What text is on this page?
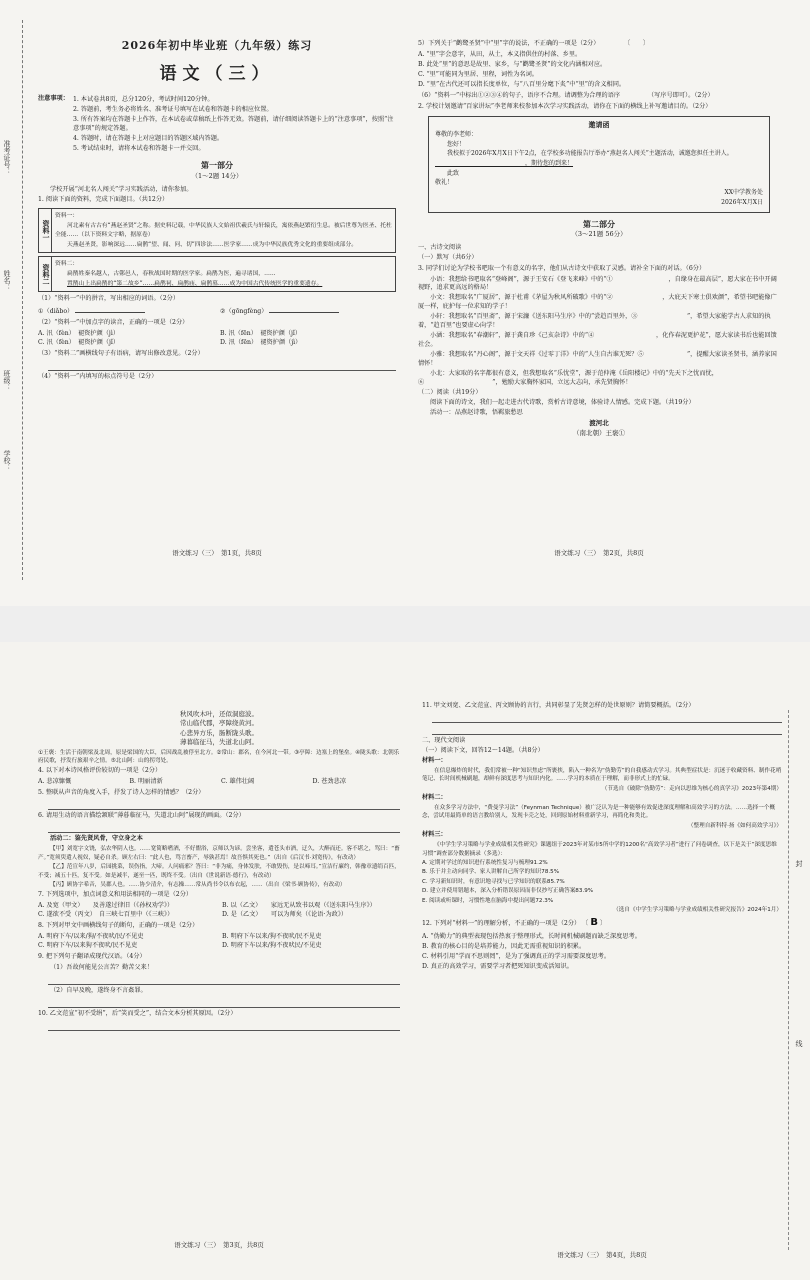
准考证号：
姓名：
班级：
学校：
2026年初中毕业班（九年级）练习
语文（三）
注意事项： 1. 本试卷共8页，总分120分，考试时间120分钟。

2. 答题前，考生务必将姓名、准考证号填写在试卷和答题卡的相应位置。

3. 所有答案均在答题卡上作答，在本试卷或草稿纸上作答无效。答题前，请仔细阅读答题卡上的“注意事项”，按照“注意事项”的规定答题。

4. 答题时，请在答题卡上对应题目的答题区域内答题。

5. 考试结束时，请将本试卷和答题卡一并交回。

第一部分
（1～2题 14分）

学校开展“河北名人闯关”学习实践活动，请你参加。

1. 阅读下面的资料，完成下面题目。（共12分）

资料一

资料一：

河北素有古古有“燕赵圣贤”之称。据史料记载，中华民族人文始祖伏羲氏与轩辕氏，寓依燕赵繁衍生息。被后世尊为医圣、托杜全能……（以下资料文字略，据原卷）

天燕赵圣贤，影响深远……扁鹊“望、闻、问、切”四诊法……医学家……成为中华民族优秀文化的重要组成部分。

资料二 资料二：

扁鹊姓秦名越人，古鄚邑人，春秋战国时期的医学家。扁鹊为医，遍寻诸国，……

置鹊山上出扁鹊的“第二故乡”……扁鹊祠、扁鹊庙、扁鹊墓……成为中国古代传统医学的重要遗存。

（1）“资料一”中的拼音，写出相应的词语。（2分）

①（diǎbo）	②（gōngfèng）

（2）“资料一”中加点字的读音，正确的一项是（2分）

A. 汛（fèn）　褪资护颜（jì）	B. 汛（fēn）　褪资护颜（jǐ）
C. 汛（fèn）　褪资护颜（jǐ）	D. 汛（fēn）　褪资护颜（jì）

（3）“资料二”画横线句子有语病，请写出修改意见。（2分）

（4）“资料一”内填写的标点符号是（2分）

语文练习（三）　第1页，共8页

5）下列关于“鹳鹭圣贤”中“里”字的说法，不正确的一项是（2分）　　　　　〔　　〕

A. “里”字会意字，从田，从土，本义指供住的村落、乡里。

B. 此处“里”的意思是故里、家乡，与“鹳鹭圣贤”的文化内涵相对应。

C. “里”可能同为里居、里程，词性为名词。

D. “里”在古代还可以指长度单位，与“八百里分麾下炙”中“里”的含义相同。

（6）“资料一”中标出①②③④的句子，语序不合理。请调整为合理的语序　　　　　（写序号即可）。（2分）

2. 学校计划邀请“百家讲坛”李老师来校参加本次学习实践活动，请你在下面的横线上补写邀请目的。（2分）

邀请函

尊敬的李老师：

您好！

我校拟于2026年X月X日下午2点，在学校多功能报告厅举办“燕赵名人闯关”主题活动，诚邀您担任主讲人。

　　　　　　　　　　　　　　　，期待您的到来！

此致

敬礼！

XX中学教务处

2026年X月X日

第二部分
（3～21题 56分）

一、古诗文阅读

（一）默写（共6分）

3. 同学们讨论为学校书吧取一个有意义的名字，他们从古诗文中获取了灵感。请补全下面的对话。（6分）

小语：我想给书吧取名“登峰阁”，源于王安石《登飞来峰》中的“①　　　　　　　　　，自缘身在最高层”，愿大家在书中开阔视野，追求更高远的格局！

小文：我想取名“广厦居”，源于杜甫《茅屋为秋风所破歌》中的“②　　　　　　　　，大庇天下寒士俱欢颜”，希望书吧能像广厦一样，庇护每一位求知的学子！

小轩：我想取名“百里斋”，源于宋濂《送东阳马生序》中的“尝趋百里外，③　　　　　　　　”，希望大家能学古人求知的执着，“趋百里”也要虚心向学！

小涵：我想取名“春潮轩”，源于龚自珍《己亥杂诗》中的“④　　　　　　　　　　，化作春泥更护花”，愿大家读书后也能回馈社会。

小雅：我想取名“丹心阁”，源于文天祥《过零丁洋》中的“人生自古谁无死？⑤　　　　　　　”，提醒大家读圣贤书，涵养家国情怀！

小北：大家取的名字都很有意义，但我想取名“乐忧堂”，源于范仲淹《岳阳楼记》中的“先天下之忧而忧，⑥　　　　　　　　　　　”，勉励大家胸怀家国，立远大志向，承先贤胸怀！

（二）阅读（共19分）

阅读下面的诗文，我们一起走进古代诗歌，赏析古诗意境，体验诗人情感。完成下题。（共19分）

活动一：品燕赵诗歌，悟羁旅愁思

渡河北
（南北朝）王褒①
语文练习（三）　第2页，共8页
秋风吹木叶，还似洞庭波。
常山临代郡，亭障绕黄河。
心悲异方乐，肠断陇头歌。
薄暮临征马，失道北山阿。

①王褒：生活于南朝梁及北周，原是梁国的大臣，后因战乱被俘至北方。②常山：郡名，在今河北一带。③亭障：边塞上的堡垒。④陇头歌：北朝乐府民歌，抒发行旅艰辛之情。⑤北山阿：山的拐弯处。

4. 以下对本诗风格评价较切的一项是（2分）

A. 悲凉慷慨	B. 明丽清新	C. 雄伟壮阔	D. 苍劲悲凉

5. 整联从声音的角度入手，抒发了诗人怎样的情感？（2分）

6. 请用生动的语言描绘颔联“薄暮临征马，失道北山阿”展现的画面。（2分）

活动二：鉴先贤风骨，守立身之本

【甲】刘宽字文饶，弘农华阴人也。……宽简略嗜酒，不好盥浴，京师以为谚。尝坐客，遣苍头市酒，迂久，大醉而还。客不堪之，骂曰：“畜产。”宽须臾遣人视奴，疑必自杀。顾左右曰：“此人也，骂言畜产，辱孰甚焉！故吾惧其死也。”（出自《后汉书·刘宽传》，有改动）

【乙】范宣年八岁，后园挑菜，误伤指，大啼。人问痛邪？答曰：“非为痛，身体发肤，不敢毁伤，是以啼耳。”宣洁行廉约，韩豫章遗绢百匹，不受；减五十匹，复不受。如是减半，遂至一匹，既终不受。（出自《世说新语·德行》，有改动）

【丙】顾协字希音，吴郡人也。……协少清介，有志操……常从尚书令以布衣起，……（出自《梁书·顾协传》，有改动）

7. 下列选项中，加点词意义和用法相同的一项是（2分）

A. 及宽（甲文）　　及善遂过律旧（《孙权劝学》）	B. 以（乙文）　　家远无从致书以观（《送东阳马生序》）
C. 遂欲不受（丙文）　自三峡七百里中（《三峡》）	D. 是（乙文）　　可以为师矣（《论语·为政》）

8. 下列对甲文中画横线句子的断句，正确的一项是（2分）

A. 明府下车/以来/狗/不夜吠/民/不见吏	B. 明府下车以来/狗不夜吠/民不见吏
C. 明府下车/以来狗不夜吠/民不见吏	D. 明府下车以来/狗不夜吠民/不见吏

9. 把下列句子翻译成现代汉语。（4分）

（1）吾故何能见公言苦？勤苦父来！

（2）自早及晚，遂终身不言姦罪。

10. 乙文范宣“初不受绢”，后“笑而受之”，结合文本分析其原因。（2分）

语文练习（三）　第3页，共8页

11. 甲文刘宽、乙文范宣、丙文顾协的言行，共同彰显了先贤怎样的处世原则？请简要概括。（2分）

二、现代文阅读

（一）阅读下文，回答12～14题。（共8分）

材料一：

在信息爆炸的时代，我们常被一种“知识焦虑”所裹挟，陷入一种名为“伪勤劳”的自我感动式学习。其典型症状是：沉迷于收藏资料、制作花哨笔记、长时间机械刷题，却鲜有深度思考与知识内化。……学习的本质在于理解，而非形式上的忙碌。

（节选自《破除“伪勤劳”：走向以思维为核心的真学习》2023年第4期）

材料二：

在众多学习方法中，“费曼学习法”（Feynman Technique）被广泛认为是一种能够有效促进深度理解和高效学习的方法。……选择一个概念，尝试用最简单的语言教给别人，发现卡壳之处，回到原始材料重新学习，再简化和类比。

（整理自新科特·扬《如何高效学习》）

材料三：

《中学生学习策略与学业成绩相关性研究》课题组于2023年对某市5所中学的1200名“高效学习者”进行了问卷调查，以下是关于“深度思维习惯”调查部分数据摘录（多选）：

A. 定期对学过的知识进行系统性复习与梳理91.2%

B. 乐于并主动向同学、家人讲解自己所学的知识78.5%

C. 学习新知识时，有意识地寻找与已学知识的联系85.7%

D. 建立并使用错题本，深入分析错误原因而非仅抄写正确答案83.9%

E. 阅读或听课时，习惯性地在脑海中提出问题72.3%

（选自《中学生学习策略与学业成绩相关性研究报告》2024年1月）

12. 下列对“材料一”的理解分析，不正确的一项是（2分） 〔 B 〕

A. “伪勤力”的典型表现包括热衷于整理形式，长时间机械刷题而缺乏深度思考。

B. 教育的核心目的是培养能力，因此无需重视知识的积累。

C. 材料引用“学而不思则罔”，是为了强调真正的学习需要深度思考。

D. 真正的高效学习，需要学习者把死知识变成活知识。

语文练习（三）　第4页，共8页
封
线
